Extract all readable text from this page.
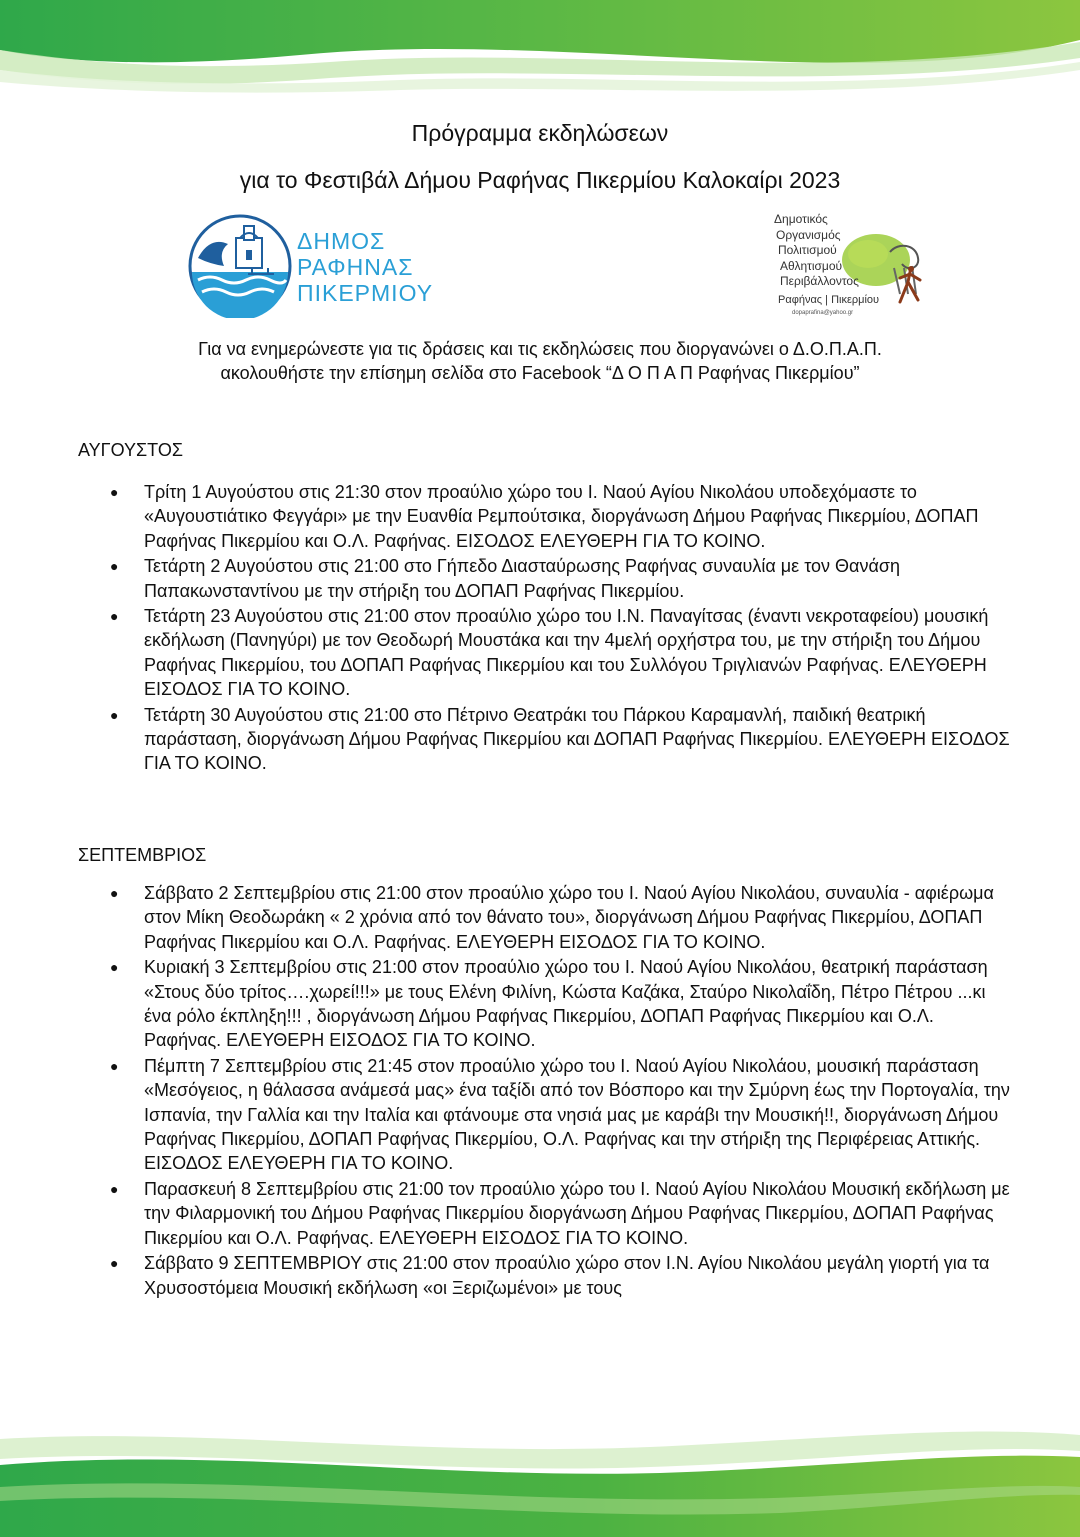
Πρόγραμμα εκδηλώσεων
για το Φεστιβάλ Δήμου Ραφήνας Πικερμίου Καλοκαίρι 2023
ΔΗΜΟΣ
ΡΑΦΗΝΑΣ
ΠΙΚΕΡΜΙΟΥ
Δημοτικός
Οργανισμός
Πολιτισμού
Αθλητισμού
Περιβάλλοντος
Ραφήνας | Πικερμίου
dopaprafina@yahoo.gr
Για να ενημερώνεστε για τις δράσεις και τις εκδηλώσεις που διοργανώνει ο Δ.Ο.Π.Α.Π.
ακολουθήστε την επίσημη σελίδα στο Facebook “Δ Ο Π Α Π Ραφήνας Πικερμίου”
ΑΥΓΟΥΣΤΟΣ
● Τρίτη 1 Αυγούστου στις 21:30 στον προαύλιο χώρο του Ι. Ναού Αγίου Νικολάου υποδεχόμαστε το «Αυγουστιάτικο Φεγγάρι» με την Ευανθία Ρεμπούτσικα, διοργάνωση Δήμου Ραφήνας Πικερμίου, ΔΟΠΑΠ Ραφήνας Πικερμίου και Ο.Λ. Ραφήνας. ΕΙΣΟΔΟΣ ΕΛΕΥΘΕΡΗ ΓΙΑ ΤΟ ΚΟΙΝΟ.
● Τετάρτη 2 Αυγούστου στις 21:00 στο Γήπεδο Διασταύρωσης Ραφήνας συναυλία με τον Θανάση Παπακωνσταντίνου με την στήριξη του ΔΟΠΑΠ Ραφήνας Πικερμίου.
● Τετάρτη 23 Αυγούστου στις 21:00 στον προαύλιο χώρο του Ι.Ν. Παναγίτσας (έναντι νεκροταφείου) μουσική εκδήλωση (Πανηγύρι) με τον Θεοδωρή Μουστάκα και την 4μελή ορχήστρα του, με την στήριξη του Δήμου Ραφήνας Πικερμίου, του ΔΟΠΑΠ Ραφήνας Πικερμίου και του Συλλόγου Τριγλιανών Ραφήνας. ΕΛΕΥΘΕΡΗ ΕΙΣΟΔΟΣ ΓΙΑ ΤΟ ΚΟΙΝΟ.
● Τετάρτη 30 Αυγούστου στις 21:00 στο Πέτρινο Θεατράκι του Πάρκου Καραμανλή, παιδική θεατρική παράσταση, διοργάνωση Δήμου Ραφήνας Πικερμίου και ΔΟΠΑΠ Ραφήνας Πικερμίου. ΕΛΕΥΘΕΡΗ ΕΙΣΟΔΟΣ ΓΙΑ ΤΟ ΚΟΙΝΟ.
ΣΕΠΤΕΜΒΡΙΟΣ
● Σάββατο 2 Σεπτεμβρίου στις 21:00 στον προαύλιο χώρο του Ι. Ναού Αγίου Νικολάου, συναυλία - αφιέρωμα στον Μίκη Θεοδωράκη « 2 χρόνια από τον θάνατο του», διοργάνωση Δήμου Ραφήνας Πικερμίου, ΔΟΠΑΠ Ραφήνας Πικερμίου και Ο.Λ. Ραφήνας. ΕΛΕΥΘΕΡΗ ΕΙΣΟΔΟΣ ΓΙΑ ΤΟ ΚΟΙΝΟ.
● Κυριακή 3 Σεπτεμβρίου στις 21:00 στον προαύλιο χώρο του Ι. Ναού Αγίου Νικολάου, θεατρική παράσταση «Στους δύο τρίτος….χωρεί!!!» με τους Ελένη Φιλίνη, Κώστα Καζάκα, Σταύρο Νικολαΐδη, Πέτρο Πέτρου ...κι ένα ρόλο έκπληξη!!! , διοργάνωση Δήμου Ραφήνας Πικερμίου, ΔΟΠΑΠ Ραφήνας Πικερμίου και Ο.Λ. Ραφήνας. ΕΛΕΥΘΕΡΗ ΕΙΣΟΔΟΣ ΓΙΑ ΤΟ ΚΟΙΝΟ.
● Πέμπτη 7 Σεπτεμβρίου στις 21:45 στον προαύλιο χώρο του Ι. Ναού Αγίου Νικολάου, μουσική παράσταση «Μεσόγειος, η θάλασσα ανάμεσά μας» ένα ταξίδι από τον Βόσπορο και την Σμύρνη έως την Πορτογαλία, την Ισπανία, την Γαλλία και την Ιταλία και φτάνουμε στα νησιά μας με καράβι την Μουσική!!, διοργάνωση Δήμου Ραφήνας Πικερμίου, ΔΟΠΑΠ Ραφήνας Πικερμίου, Ο.Λ. Ραφήνας και την στήριξη της Περιφέρειας Αττικής. ΕΙΣΟΔΟΣ ΕΛΕΥΘΕΡΗ ΓΙΑ ΤΟ ΚΟΙΝΟ.
● Παρασκευή 8 Σεπτεμβρίου στις 21:00 τον προαύλιο χώρο του Ι. Ναού Αγίου Νικολάου Μουσική εκδήλωση με την Φιλαρμονική του Δήμου Ραφήνας Πικερμίου διοργάνωση Δήμου Ραφήνας Πικερμίου, ΔΟΠΑΠ Ραφήνας Πικερμίου και Ο.Λ. Ραφήνας. ΕΛΕΥΘΕΡΗ ΕΙΣΟΔΟΣ ΓΙΑ ΤΟ ΚΟΙΝΟ.
● Σάββατο 9 ΣΕΠΤΕΜΒΡΙΟΥ στις 21:00 στον προαύλιο χώρο στον Ι.Ν. Αγίου Νικολάου μεγάλη γιορτή για τα Χρυσοστόμεια Μουσική εκδήλωση «οι Ξεριζωμένοι» με τους
